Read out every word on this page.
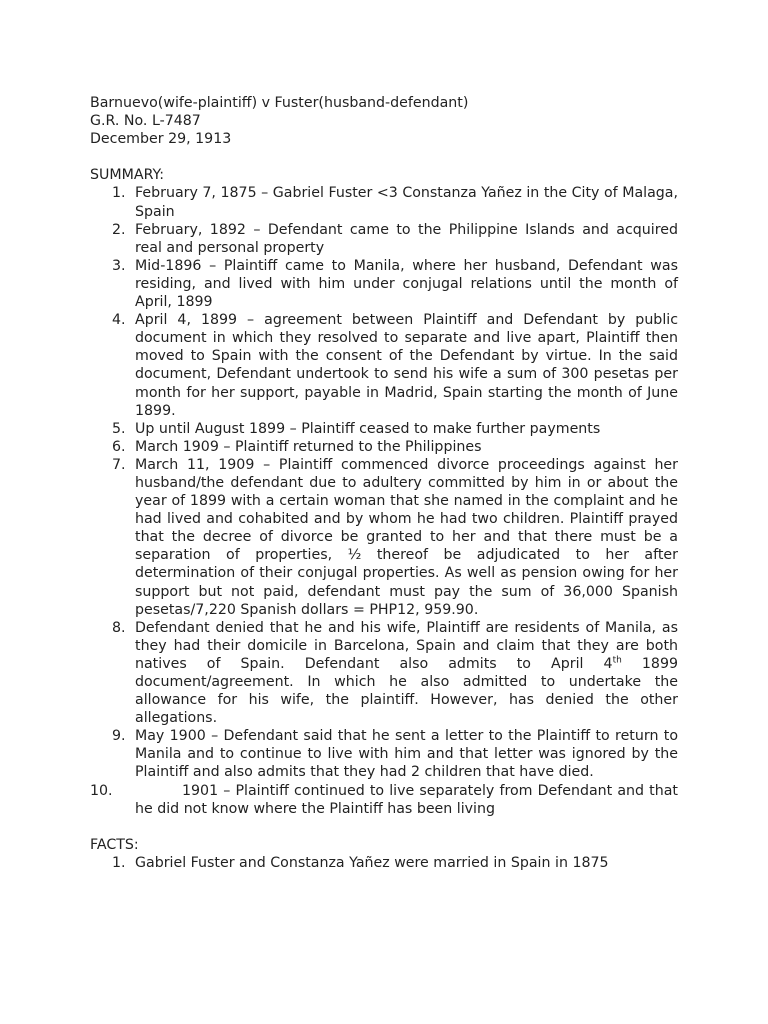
Barnuevo(wife-plaintiff) v Fuster(husband-defendant)

G.R. No. L-7487

December 29, 1913

SUMMARY:

1. February 7, 1875 – Gabriel Fuster <3 Constanza Yañez in the City of Malaga, Spain
2. February, 1892 – Defendant came to the Philippine Islands and acquired real and personal property
3. Mid-1896 – Plaintiff came to Manila, where her husband, Defendant was residing, and lived with him under conjugal relations until the month of April, 1899
4. April 4, 1899 – agreement between Plaintiff and Defendant by public document in which they resolved to separate and live apart, Plaintiff then moved to Spain with the consent of the Defendant by virtue. In the said document, Defendant undertook to send his wife a sum of 300 pesetas per month for her support, payable in Madrid, Spain starting the month of June 1899.
5. Up until August 1899 – Plaintiff ceased to make further payments
6. March 1909 – Plaintiff returned to the Philippines
7. March 11, 1909 – Plaintiff commenced divorce proceedings against her husband/the defendant due to adultery committed by him in or about the year of 1899 with a certain woman that she named in the complaint and he had lived and cohabited and by whom he had two children. Plaintiff prayed that the decree of divorce be granted to her and that there must be a separation of properties, ½ thereof be adjudicated to her after determination of their conjugal properties. As well as pension owing for her support but not paid, defendant must pay the sum of 36,000 Spanish pesetas/7,220 Spanish dollars = PHP12, 959.90.
8. Defendant denied that he and his wife, Plaintiff are residents of Manila, as they had their domicile in Barcelona, Spain and claim that they are both natives of Spain. Defendant also admits to April 4th 1899 document/agreement. In which he also admitted to undertake the allowance for his wife, the plaintiff. However, has denied the other allegations.
9. May 1900 – Defendant said that he sent a letter to the Plaintiff to return to Manila and to continue to live with him and that letter was ignored by the Plaintiff and also admits that they had 2 children that have died.
10.	1901 – Plaintiff continued to live separately from Defendant and that he did not know where the Plaintiff has been living

FACTS:

1. Gabriel Fuster and Constanza Yañez were married in Spain in 1875
